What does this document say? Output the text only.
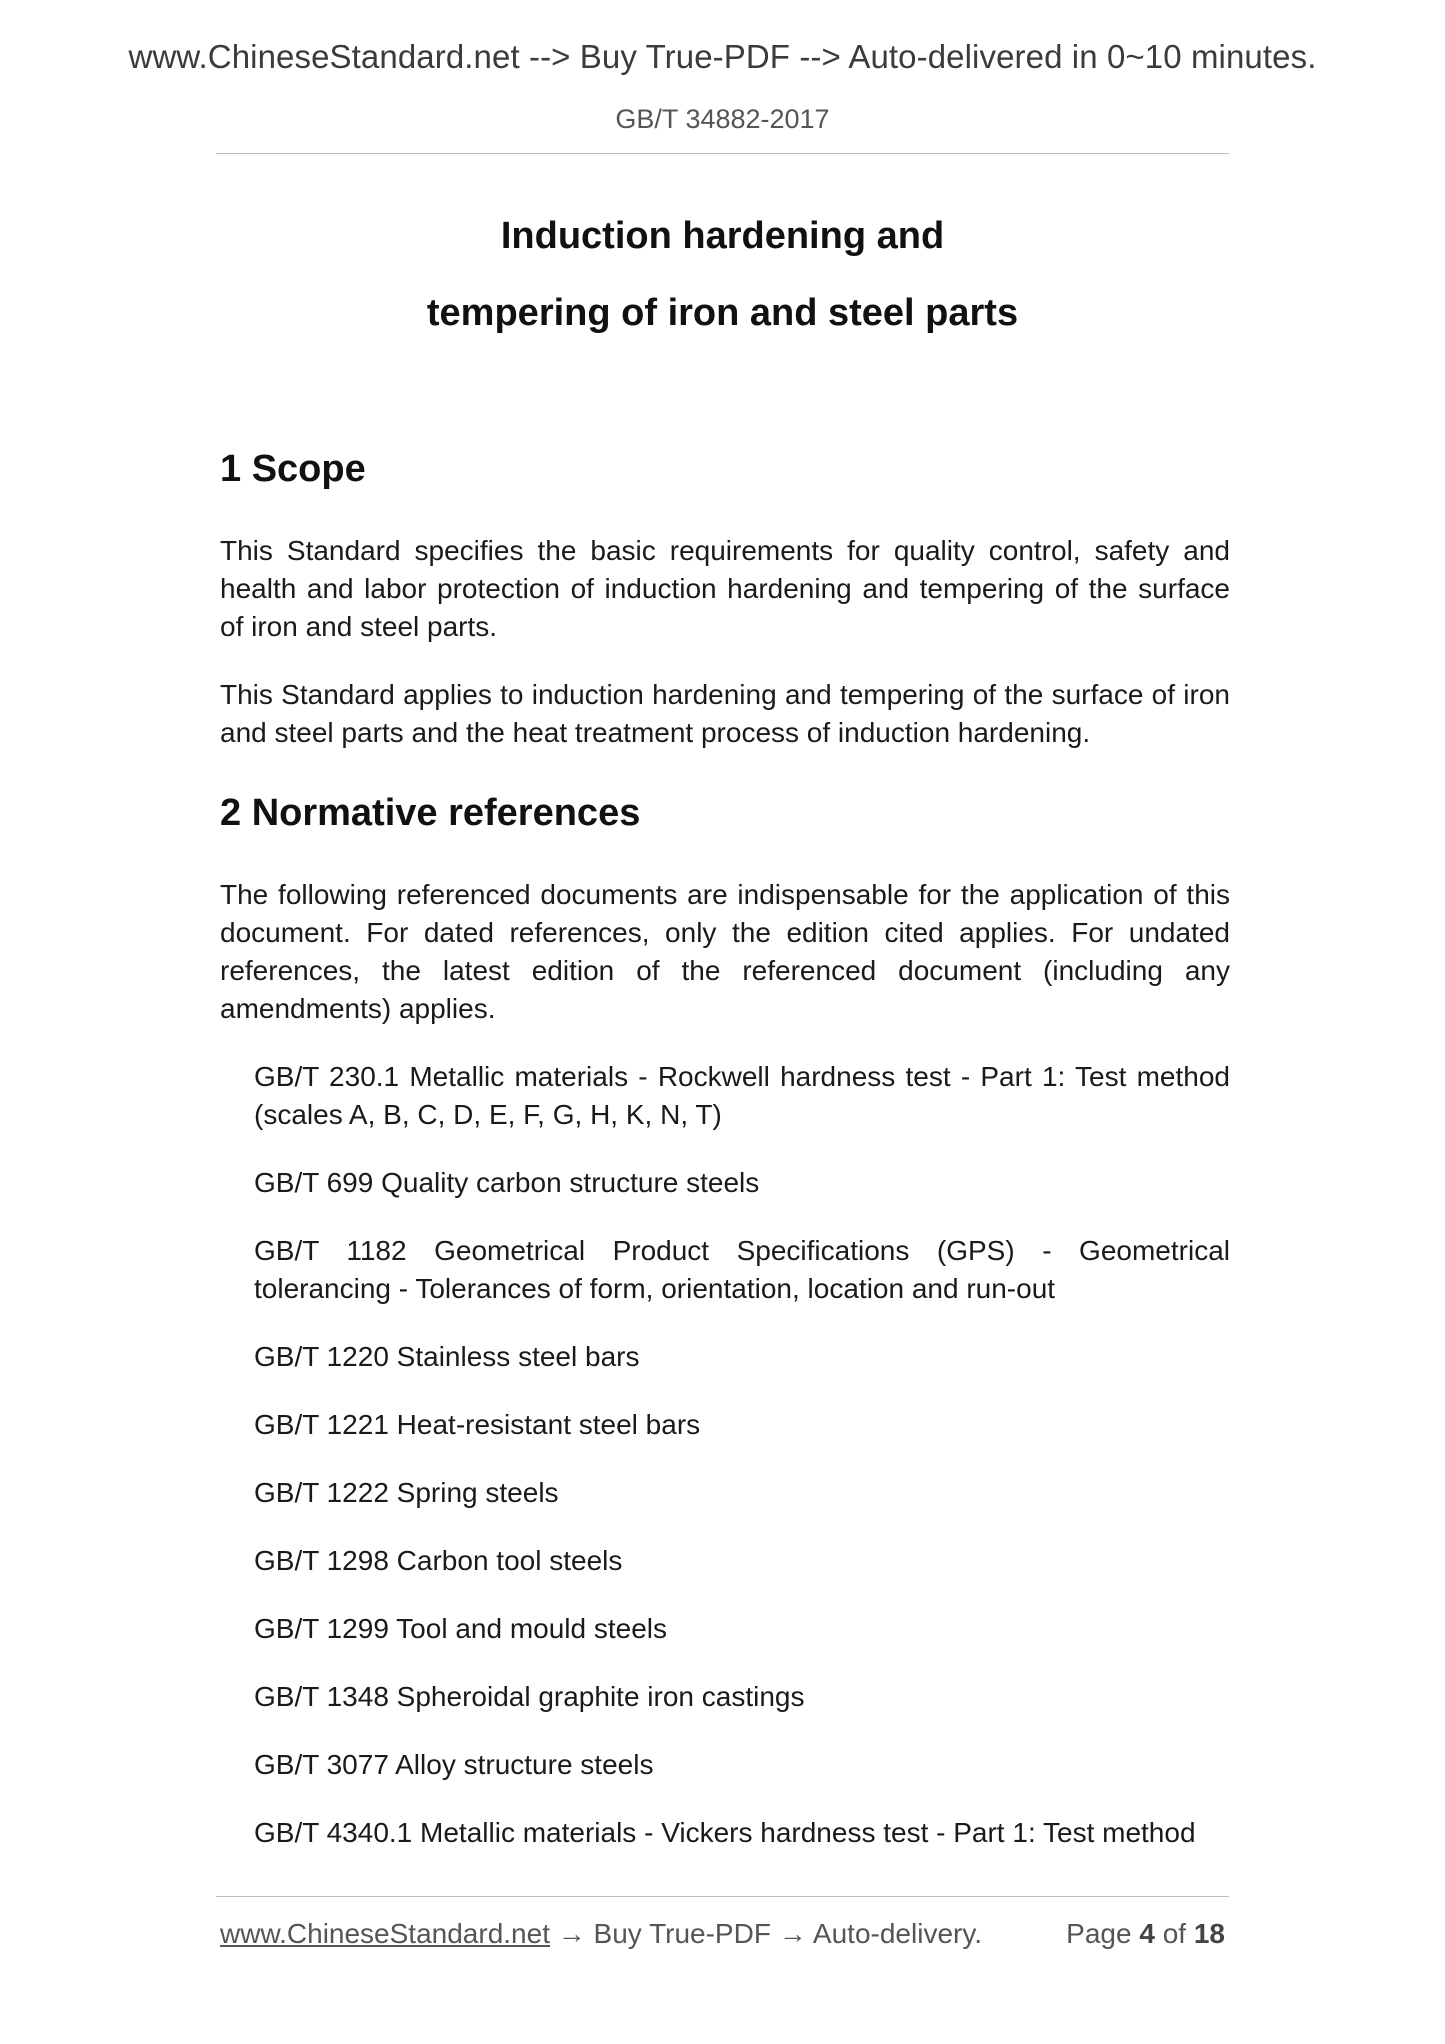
www.ChineseStandard.net --> Buy True-PDF --> Auto-delivered in 0~10 minutes.
GB/T 34882-2017
Induction hardening and
tempering of iron and steel parts
1 Scope

This Standard specifies the basic requirements for quality control, safety and health and labor protection of induction hardening and tempering of the surface of iron and steel parts.

This Standard applies to induction hardening and tempering of the surface of iron and steel parts and the heat treatment process of induction hardening.

2 Normative references

The following referenced documents are indispensable for the application of this document. For dated references, only the edition cited applies. For undated references, the latest edition of the referenced document (including any amendments) applies.

GB/T 230.1 Metallic materials - Rockwell hardness test - Part 1: Test method (scales A, B, C, D, E, F, G, H, K, N, T)
GB/T 699 Quality carbon structure steels
GB/T 1182 Geometrical Product Specifications (GPS) - Geometrical tolerancing - Tolerances of form, orientation, location and run-out
GB/T 1220 Stainless steel bars
GB/T 1221 Heat-resistant steel bars
GB/T 1222 Spring steels
GB/T 1298 Carbon tool steels
GB/T 1299 Tool and mould steels
GB/T 1348 Spheroidal graphite iron castings
GB/T 3077 Alloy structure steels
GB/T 4340.1 Metallic materials - Vickers hardness test - Part 1: Test method
www.ChineseStandard.net → Buy True-PDF → Auto-delivery.	Page 4 of 18
